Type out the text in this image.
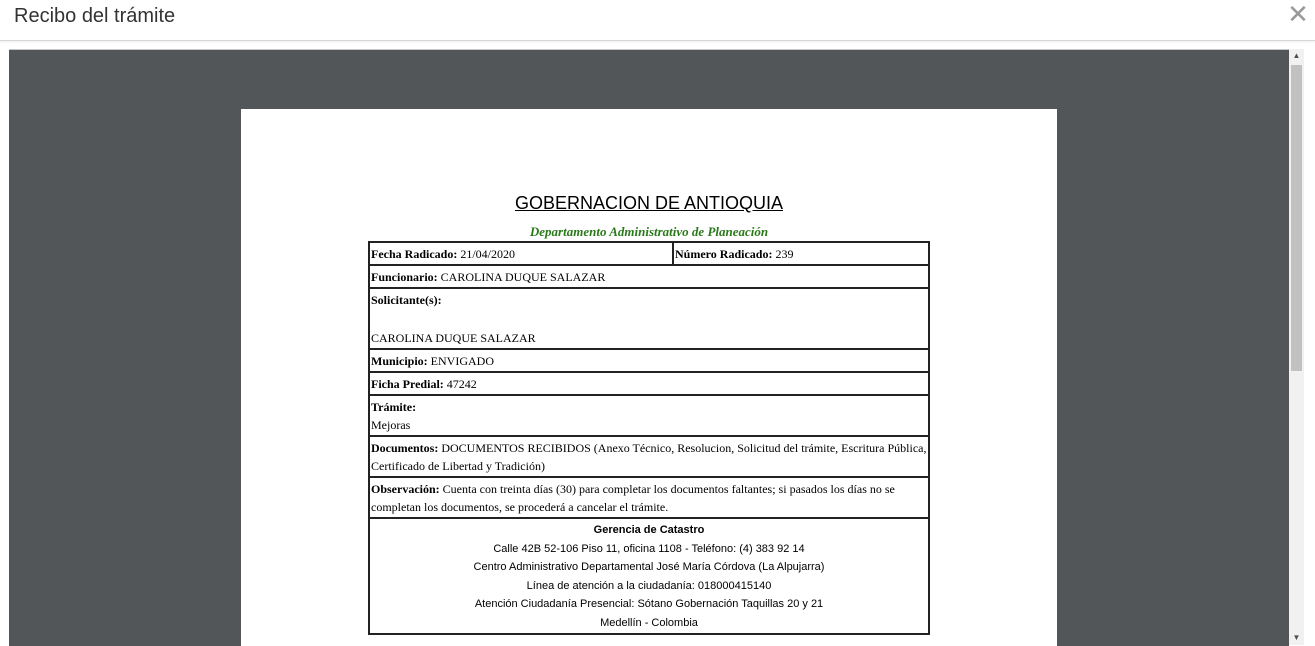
Recibo del trámite	✕
GOBERNACION DE ANTIOQUIA
Departamento Administrativo de Planeación
Fecha Radicado: 21/04/2020	Número Radicado: 239
Funcionario: CAROLINA DUQUE SALAZAR
Solicitante(s):
CAROLINA DUQUE SALAZAR

Municipio: ENVIGADO
Ficha Predial: 47242
Trámite:
Mejoras

Documentos: DOCUMENTOS RECIBIDOS (Anexo Técnico, Resolucion, Solicitud del trámite, Escritura Pública, Certificado de Libertad y Tradición)
Observación: Cuenta con treinta días (30) para completar los documentos faltantes; si pasados los días no se completan los documentos, se procederá a cancelar el trámite.

Gerencia de Catastro
Calle 42B 52-106 Piso 11, oficina 1108 - Teléfono: (4) 383 92 14
Centro Administrativo Departamental José María Córdova (La Alpujarra)
Línea de atención a la ciudadanía: 018000415140
Atención Ciudadanía Presencial: Sótano Gobernación Taquillas 20 y 21
Medellín - Colombia
▲
▼
